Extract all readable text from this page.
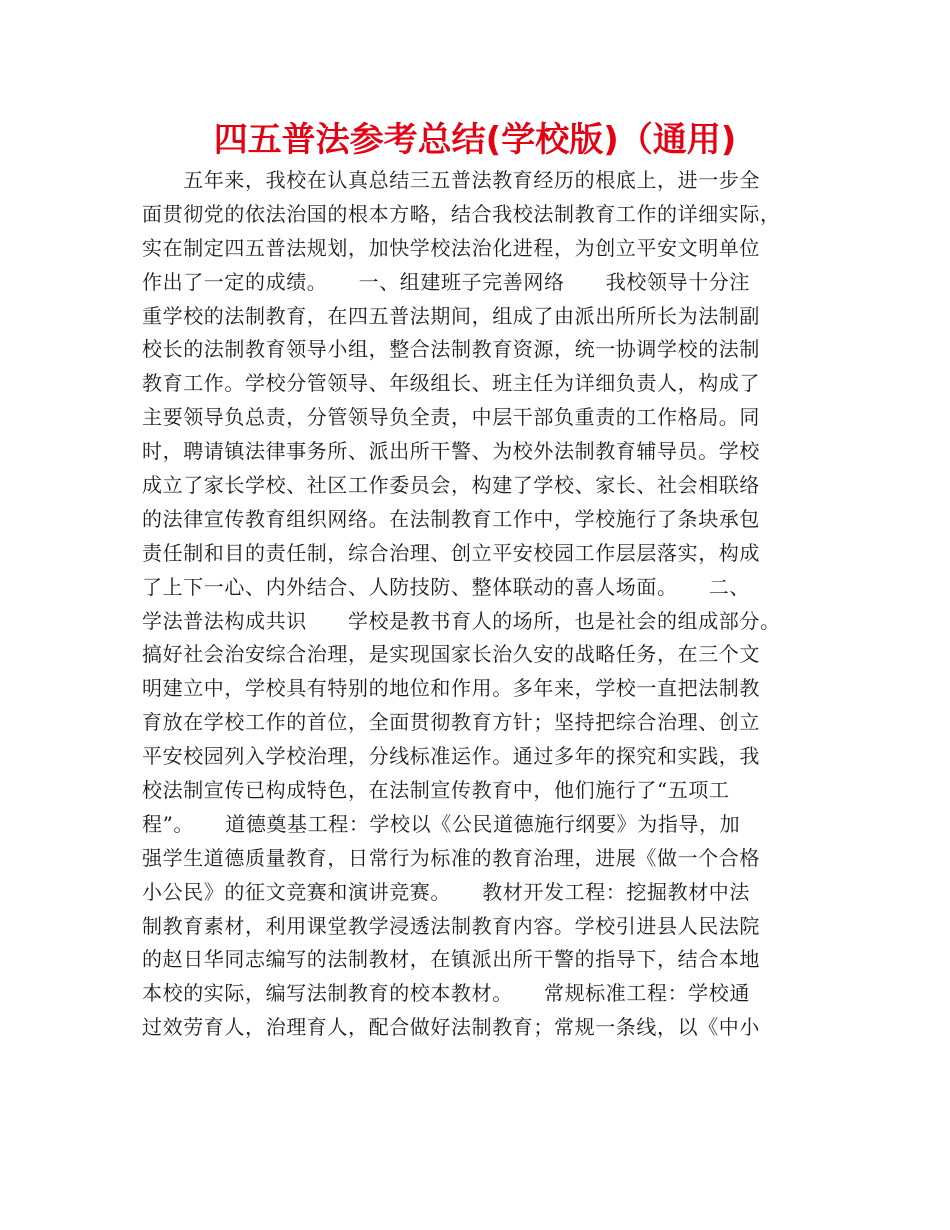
四五普法参考总结(学校版)（通用)
　　五年来，我校在认真总结三五普法教育经历的根底上，进一步全
面贯彻党的依法治国的根本方略，结合我校法制教育工作的详细实际，
实在制定四五普法规划，加快学校法治化进程，为创立平安文明单位
作出了一定的成绩。　　一、组建班子完善网络　　我校领导十分注
重学校的法制教育，在四五普法期间，组成了由派出所所长为法制副
校长的法制教育领导小组，整合法制教育资源，统一协调学校的法制
教育工作。学校分管领导、年级组长、班主任为详细负责人，构成了
主要领导负总责，分管领导负全责，中层干部负重责的工作格局。同
时，聘请镇法律事务所、派出所干警、为校外法制教育辅导员。学校
成立了家长学校、社区工作委员会，构建了学校、家长、社会相联络
的法律宣传教育组织网络。在法制教育工作中，学校施行了条块承包
责任制和目的责任制，综合治理、创立平安校园工作层层落实，构成
了上下一心、内外结合、人防技防、整体联动的喜人场面。　　二、
学法普法构成共识　　学校是教书育人的场所，也是社会的组成部分。
搞好社会治安综合治理，是实现国家长治久安的战略任务，在三个文
明建立中，学校具有特别的地位和作用。多年来，学校一直把法制教
育放在学校工作的首位，全面贯彻教育方针；坚持把综合治理、创立
平安校园列入学校治理，分线标准运作。通过多年的探究和实践，我
校法制宣传已构成特色，在法制宣传教育中，他们施行了“五项工
程”。　　道德奠基工程：学校以《公民道德施行纲要》为指导，加
强学生道德质量教育，日常行为标准的教育治理，进展《做一个合格
小公民》的征文竞赛和演讲竞赛。　　教材开发工程：挖掘教材中法
制教育素材，利用课堂教学浸透法制教育内容。学校引进县人民法院
的赵日华同志编写的法制教材，在镇派出所干警的指导下，结合本地
本校的实际，编写法制教育的校本教材。　　常规标准工程：学校通
过效劳育人，治理育人，配合做好法制教育；常规一条线，以《中小
